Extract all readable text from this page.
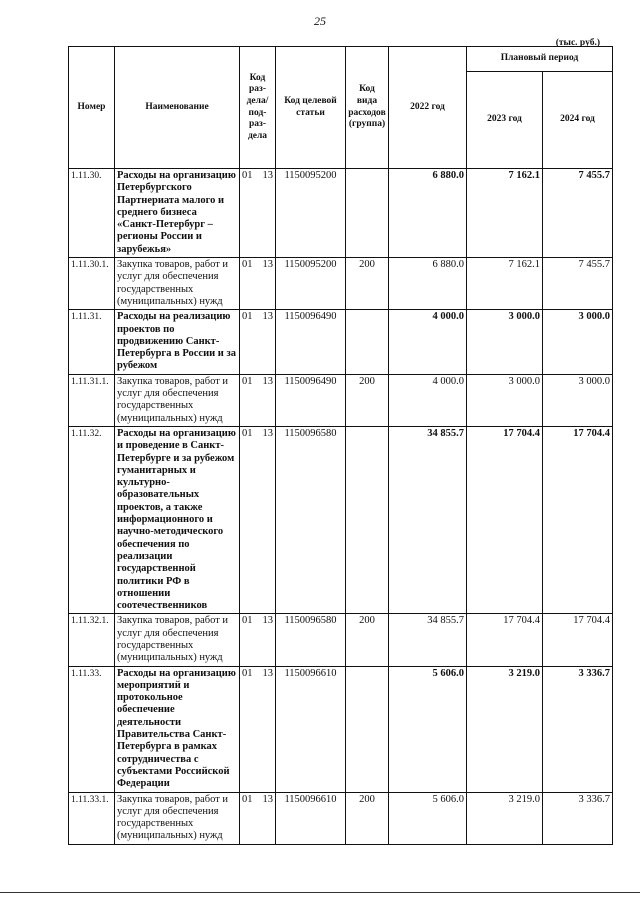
25
(тыс. руб.)
Номер	Наименование	Код раз-дела/ под-раз-дела	Код целевой статьи	Код вида расходов (группа)	2022 год	Плановый период	
						2023 год	2024 год
1.11.30.	Расходы на организацию Петербургского Партнериата малого и среднего бизнеса «Санкт-Петербург – регионы России и зарубежья»	01 13	1150095200		6 880.0	7 162.1	7 455.7
1.11.30.1.	Закупка товаров, работ и услуг для обеспечения государственных (муниципальных) нужд	01 13	1150095200	200	6 880.0	7 162.1	7 455.7
1.11.31.	Расходы на реализацию проектов по продвижению Санкт-Петербурга в России и за рубежом	01 13	1150096490		4 000.0	3 000.0	3 000.0
1.11.31.1.	Закупка товаров, работ и услуг для обеспечения государственных (муниципальных) нужд	01 13	1150096490	200	4 000.0	3 000.0	3 000.0
1.11.32.	Расходы на организацию и проведение в Санкт-Петербурге и за рубежом гуманитарных и культурно-образовательных проектов, а также информационного и научно-методического обеспечения по реализации государственной политики РФ в отношении соотечественников	01 13	1150096580		34 855.7	17 704.4	17 704.4
1.11.32.1.	Закупка товаров, работ и услуг для обеспечения государственных (муниципальных) нужд	01 13	1150096580	200	34 855.7	17 704.4	17 704.4
1.11.33.	Расходы на организацию мероприятий и протокольное обеспечение деятельности Правительства Санкт-Петербурга в рамках сотрудничества с субъектами Российской Федерации	01 13	1150096610		5 606.0	3 219.0	3 336.7
1.11.33.1.	Закупка товаров, работ и услуг для обеспечения государственных (муниципальных) нужд	01 13	1150096610	200	5 606.0	3 219.0	3 336.7
